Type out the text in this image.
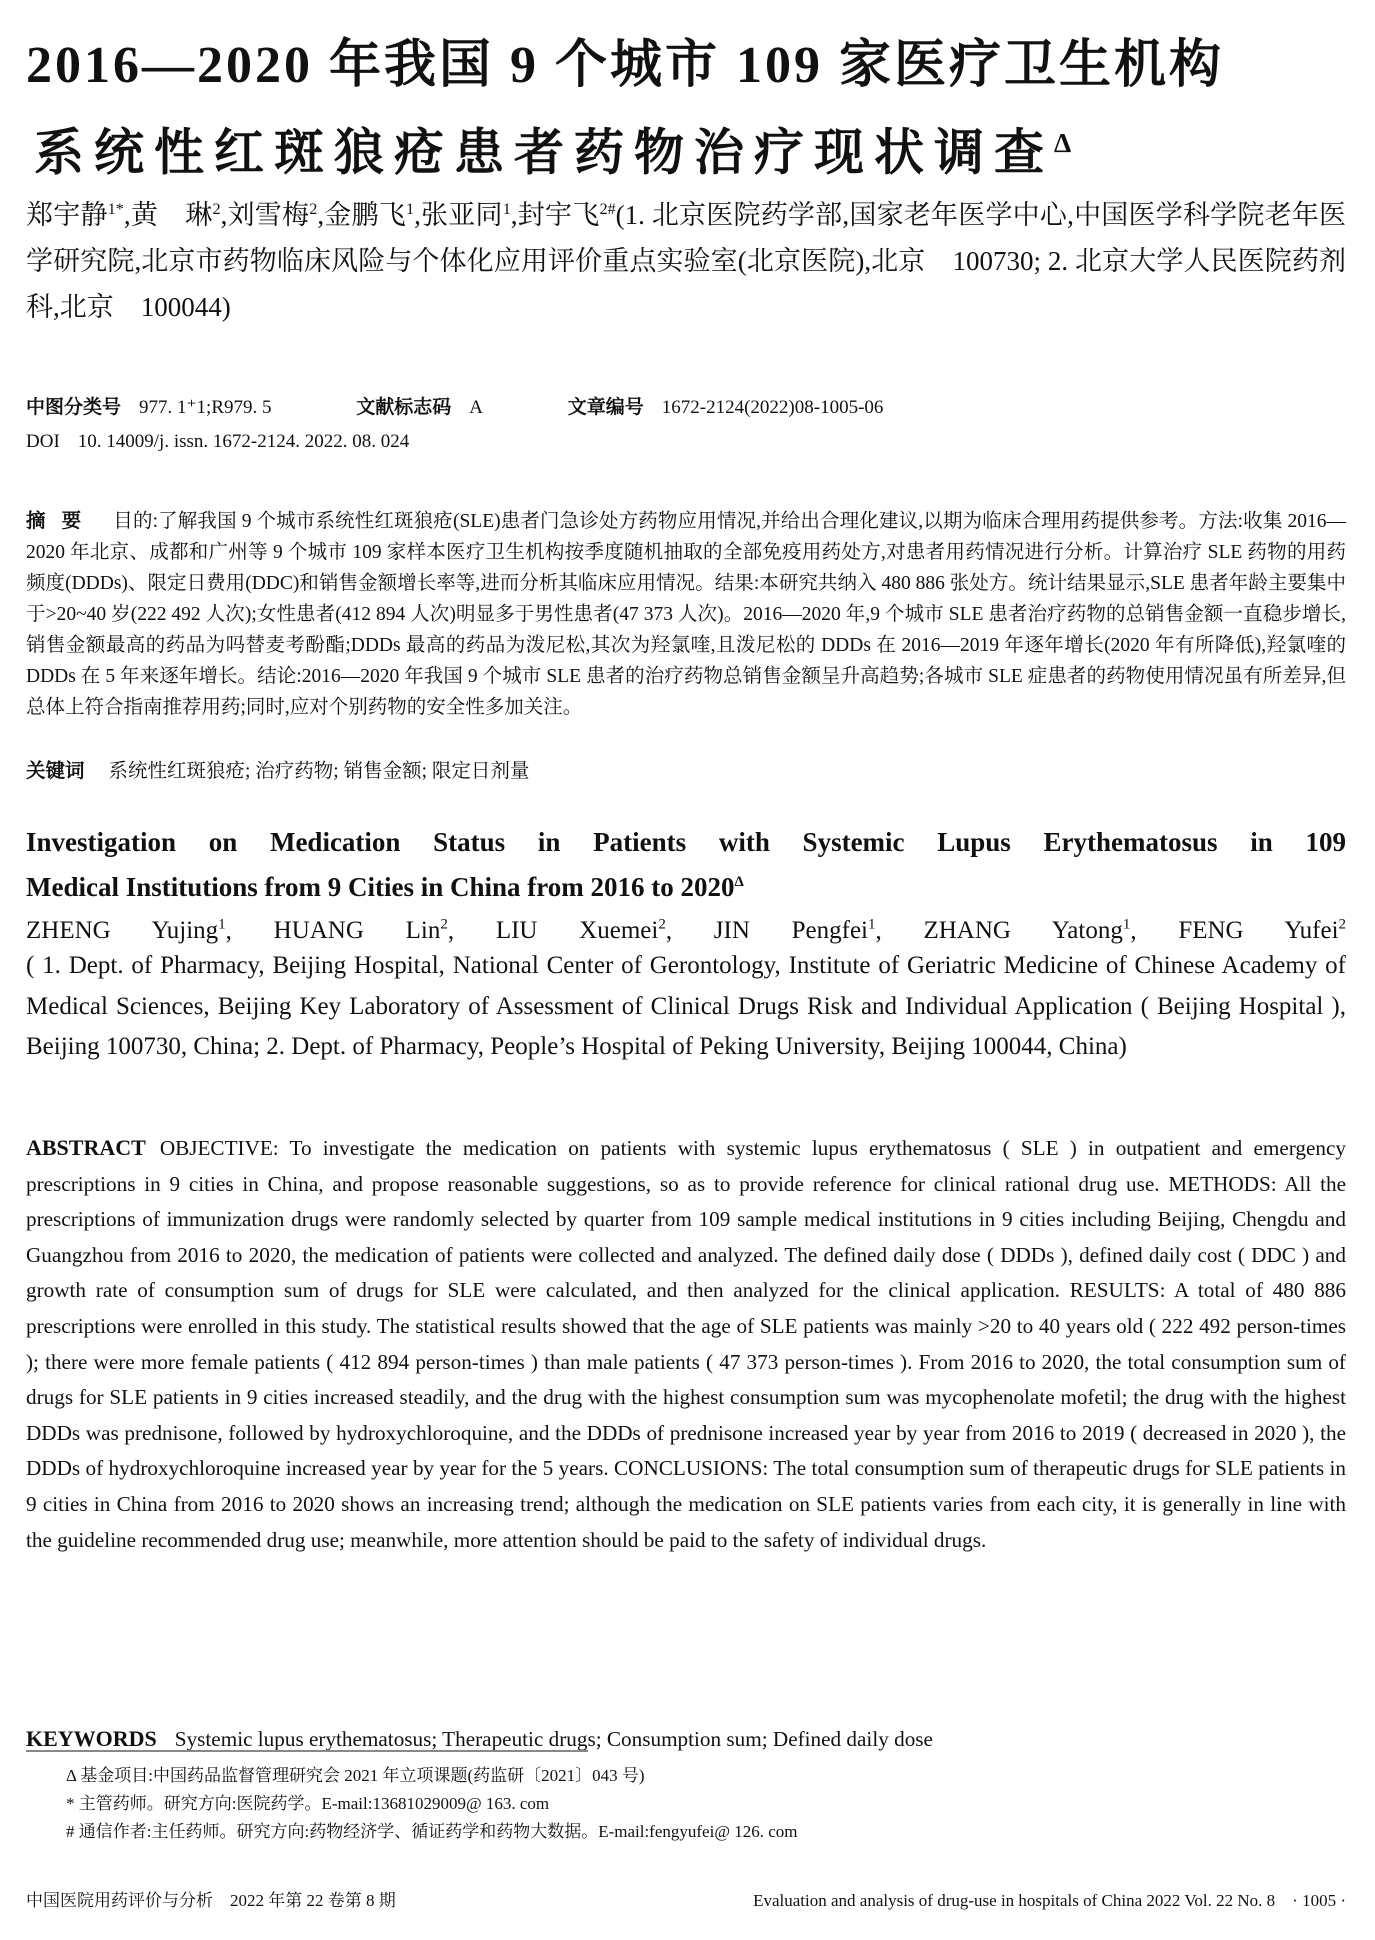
2016—2020 年我国 9 个城市 109 家医疗卫生机构
系统性红斑狼疮患者药物治疗现状调查$^\Delta$
郑宇静$^{1*}$,黄　琳$^2$,刘雪梅$^2$,金鹏飞$^1$,张亚同$^1$,封宇飞$^{2\#}$(1. 北京医院药学部,国家老年医学中心,中国医学科学院老年医学研究院,北京市药物临床风险与个体化应用评价重点实验室(北京医院),北京　100730; 2. 北京大学人民医院药剂科,北京　100044)
中图分类号 977. 1⁺1;R979. 5	文献标志码 A	文章编号 1672-2124(2022)08-1005-06
DOI 10. 14009/j. issn. 1672-2124. 2022. 08. 024
摘要 目的:了解我国 9 个城市系统性红斑狼疮(SLE)患者门急诊处方药物应用情况,并给出合理化建议,以期为临床合理用药提供参考。方法:收集 2016—2020 年北京、成都和广州等 9 个城市 109 家样本医疗卫生机构按季度随机抽取的全部免疫用药处方,对患者用药情况进行分析。计算治疗 SLE 药物的用药频度(DDDs)、限定日费用(DDC)和销售金额增长率等,进而分析其临床应用情况。结果:本研究共纳入 480 886 张处方。统计结果显示,SLE 患者年龄主要集中于>20~40 岁(222 492 人次);女性患者(412 894 人次)明显多于男性患者(47 373 人次)。2016—2020 年,9 个城市 SLE 患者治疗药物的总销售金额一直稳步增长,销售金额最高的药品为吗替麦考酚酯;DDDs 最高的药品为泼尼松,其次为羟氯喹,且泼尼松的 DDDs 在 2016—2019 年逐年增长(2020 年有所降低),羟氯喹的 DDDs 在 5 年来逐年增长。结论:2016—2020 年我国 9 个城市 SLE 患者的治疗药物总销售金额呈升高趋势;各城市 SLE 症患者的药物使用情况虽有所差异,但总体上符合指南推荐用药;同时,应对个别药物的安全性多加关注。
关键词 系统性红斑狼疮; 治疗药物; 销售金额; 限定日剂量
Investigation on Medication Status in Patients with Systemic Lupus Erythematosus in 109
Medical Institutions from 9 Cities in China from 2016 to $2020^\Delta$
ZHENG Yujing$^1$, HUANG Lin$^2$, LIU Xuemei$^2$, JIN Pengfei$^1$, ZHANG Yatong$^1$, FENG Yufei$^2$
( 1. Dept. of Pharmacy, Beijing Hospital, National Center of Gerontology, Institute of Geriatric Medicine of Chinese Academy of Medical Sciences, Beijing Key Laboratory of Assessment of Clinical Drugs Risk and Individual Application ( Beijing Hospital ), Beijing 100730, China; 2. Dept. of Pharmacy, People’s Hospital of Peking University, Beijing 100044, China)
ABSTRACT OBJECTIVE: To investigate the medication on patients with systemic lupus erythematosus ( SLE ) in outpatient and emergency prescriptions in 9 cities in China, and propose reasonable suggestions, so as to provide reference for clinical rational drug use. METHODS: All the prescriptions of immunization drugs were randomly selected by quarter from 109 sample medical institutions in 9 cities including Beijing, Chengdu and Guangzhou from 2016 to 2020, the medication of patients were collected and analyzed. The defined daily dose ( DDDs ), defined daily cost ( DDC ) and growth rate of consumption sum of drugs for SLE were calculated, and then analyzed for the clinical application. RESULTS: A total of 480 886 prescriptions were enrolled in this study. The statistical results showed that the age of SLE patients was mainly >20 to 40 years old ( 222 492 person-times ); there were more female patients ( 412 894 person-times ) than male patients ( 47 373 person-times ). From 2016 to 2020, the total consumption sum of drugs for SLE patients in 9 cities increased steadily, and the drug with the highest consumption sum was mycophenolate mofetil; the drug with the highest DDDs was prednisone, followed by hydroxychloroquine, and the DDDs of prednisone increased year by year from 2016 to 2019 ( decreased in 2020 ), the DDDs of hydroxychloroquine increased year by year for the 5 years. CONCLUSIONS: The total consumption sum of therapeutic drugs for SLE patients in 9 cities in China from 2016 to 2020 shows an increasing trend; although the medication on SLE patients varies from each city, it is generally in line with the guideline recommended drug use; meanwhile, more attention should be paid to the safety of individual drugs.
KEYWORDS Systemic lupus erythematosus; Therapeutic drugs; Consumption sum; Defined daily dose
Δ 基金项目:中国药品监督管理研究会 2021 年立项课题(药监研〔2021〕043 号)
* 主管药师。研究方向:医院药学。E-mail:13681029009@ 163. com
# 通信作者:主任药师。研究方向:药物经济学、循证药学和药物大数据。E-mail:fengyufei@ 126. com
中国医院用药评价与分析　2022 年第 22 卷第 8 期	Evaluation and analysis of drug-use in hospitals of China 2022 Vol. 22 No. 8　· 1005 ·
